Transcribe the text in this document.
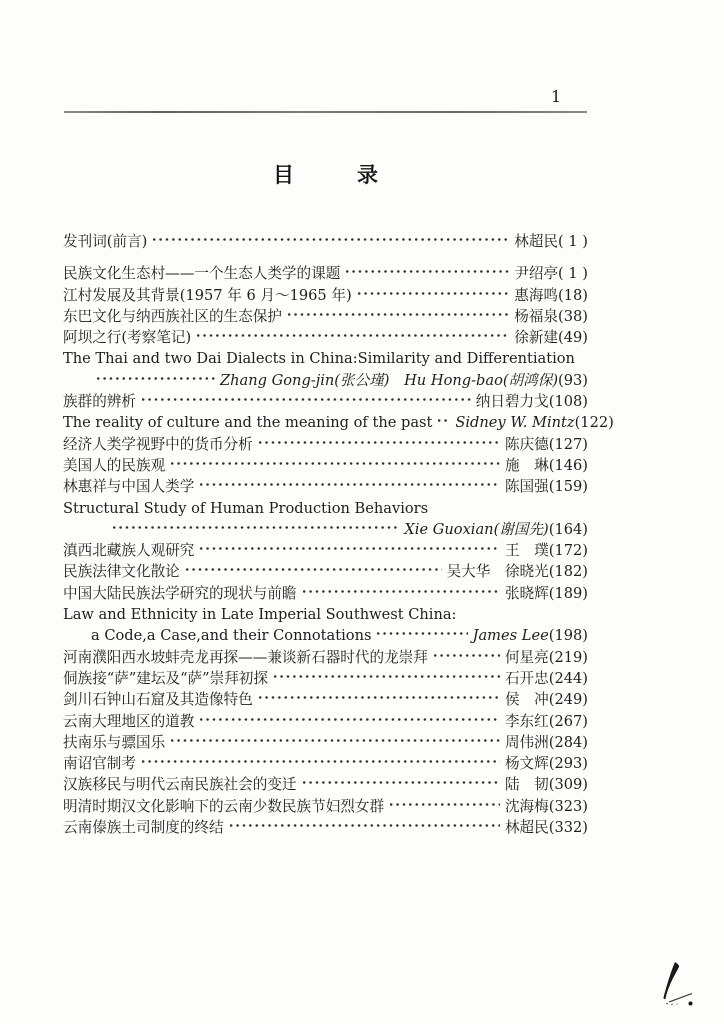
1
目　　　录
发刊词(前言)	林超民( 1 )
民族文化生态村——一个生态人类学的课题	尹绍亭( 1 )
江村发展及其背景(1957 年 6 月～1965 年)	惠海鸣(18)
东巴文化与纳西族社区的生态保护	杨福泉(38)
阿坝之行(考察笔记)	徐新建(49)
The Thai and two Dai Dialects in China:Similarity and Differentiation
Zhang Gong-jin(张公瑾)　Hu Hong-bao(胡鸿保)(93)
族群的辨析	纳日碧力戈(108)
The reality of culture and the meaning of the past Sidney W. Mintz(122)
经济人类学视野中的货币分析	陈庆德(127)
美国人的民族观	施　琳(146)
林惠祥与中国人类学	陈国强(159)
Structural Study of Human Production Behaviors
Xie Guoxian(谢国先)(164)
滇西北藏族人观研究	王　璞(172)
民族法律文化散论	吴大华　徐晓光(182)
中国大陆民族法学研究的现状与前瞻	张晓辉(189)
Law and Ethnicity in Late Imperial Southwest China:
a Code,a Case,and their Connotations	James Lee(198)
河南濮阳西水坡蚌壳龙再探——兼谈新石器时代的龙崇拜	何星亮(219)
侗族接“萨”建坛及“萨”崇拜初探	石开忠(244)
剑川石钟山石窟及其造像特色	侯　冲(249)
云南大理地区的道教	李东红(267)
扶南乐与骠国乐	周伟洲(284)
南诏官制考	杨文辉(293)
汉族移民与明代云南民族社会的变迁	陆　韧(309)
明清时期汉文化影响下的云南少数民族节妇烈女群	沈海梅(323)
云南傣族土司制度的终结	林超民(332)
